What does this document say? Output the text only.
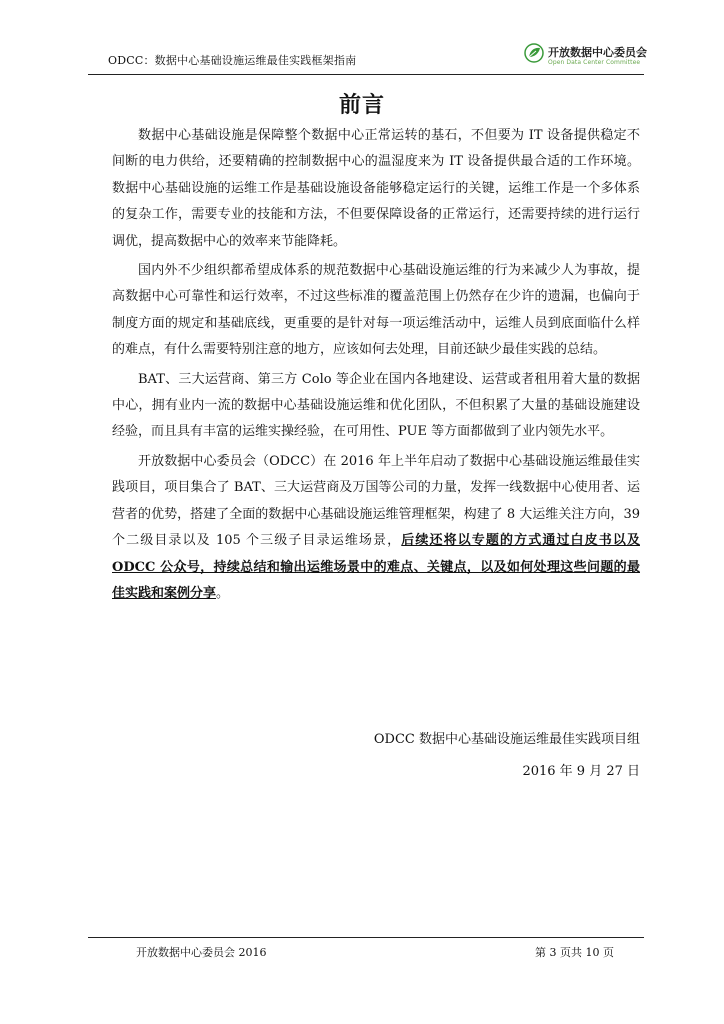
ODCC：数据中心基础设施运维最佳实践框架指南
开放数据中心委员会
Open Data Center Committee
前言

数据中心基础设施是保障整个数据中心正常运转的基石，不但要为 IT 设备提供稳定不间断的电力供给，还要精确的控制数据中心的温湿度来为 IT 设备提供最合适的工作环境。数据中心基础设施的运维工作是基础设施设备能够稳定运行的关键，运维工作是一个多体系的复杂工作，需要专业的技能和方法，不但要保障设备的正常运行，还需要持续的进行运行调优，提高数据中心的效率来节能降耗。

国内外不少组织都希望成体系的规范数据中心基础设施运维的行为来减少人为事故，提高数据中心可靠性和运行效率，不过这些标准的覆盖范围上仍然存在少许的遗漏，也偏向于制度方面的规定和基础底线，更重要的是针对每一项运维活动中，运维人员到底面临什么样的难点，有什么需要特别注意的地方，应该如何去处理，目前还缺少最佳实践的总结。

BAT、三大运营商、第三方 Colo 等企业在国内各地建设、运营或者租用着大量的数据中心，拥有业内一流的数据中心基础设施运维和优化团队，不但积累了大量的基础设施建设经验，而且具有丰富的运维实操经验，在可用性、PUE 等方面都做到了业内领先水平。

开放数据中心委员会（ODCC）在 2016 年上半年启动了数据中心基础设施运维最佳实践项目，项目集合了 BAT、三大运营商及万国等公司的力量，发挥一线数据中心使用者、运营者的优势，搭建了全面的数据中心基础设施运维管理框架，构建了 8 大运维关注方向，39 个二级目录以及 105 个三级子目录运维场景，后续还将以专题的方式通过白皮书以及 ODCC 公众号，持续总结和输出运维场景中的难点、关键点，以及如何处理这些问题的最佳实践和案例分享。

ODCC 数据中心基础设施运维最佳实践项目组
2016 年 9 月 27 日
开放数据中心委员会 2016	第 3 页共 10 页
